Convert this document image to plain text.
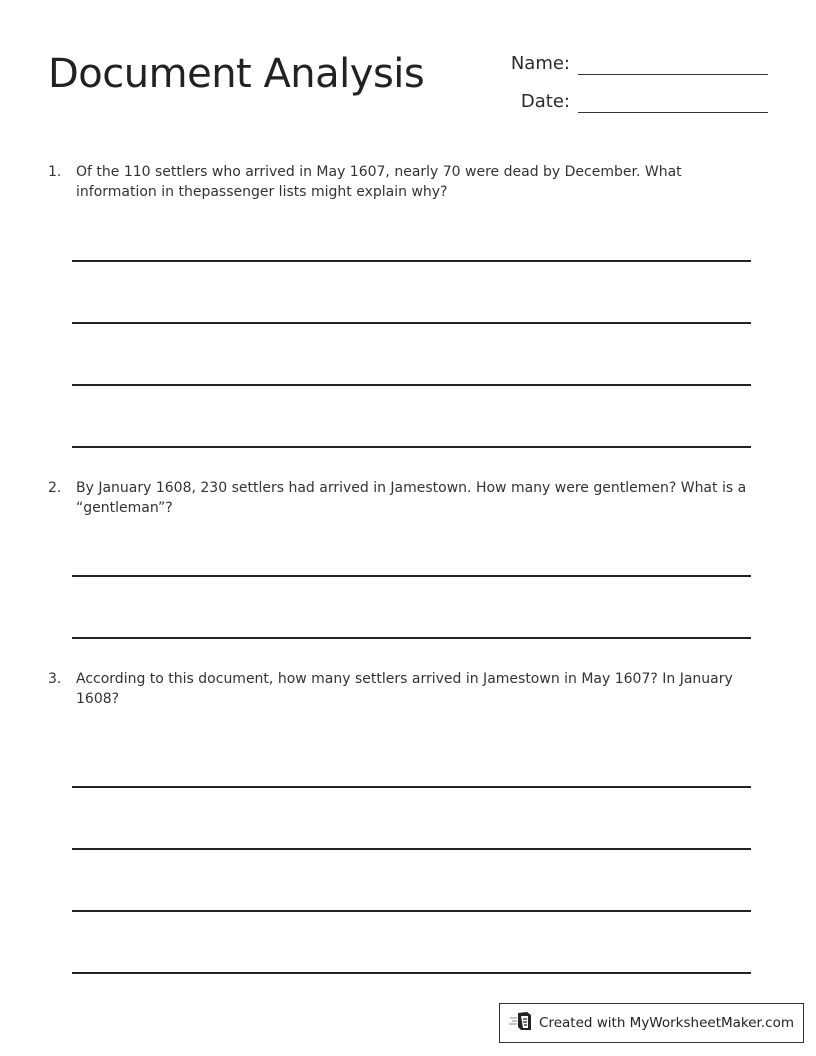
Document Analysis	Name:
Date:
1. Of the 110 settlers who arrived in May 1607, nearly 70 were dead by December. What information in thepassenger lists might explain why?
2. By January 1608, 230 settlers had arrived in Jamestown. How many were gentlemen? What is a “gentleman”?
3. According to this document, how many settlers arrived in Jamestown in May 1607? In January 1608?
Created with MyWorksheetMaker.com
